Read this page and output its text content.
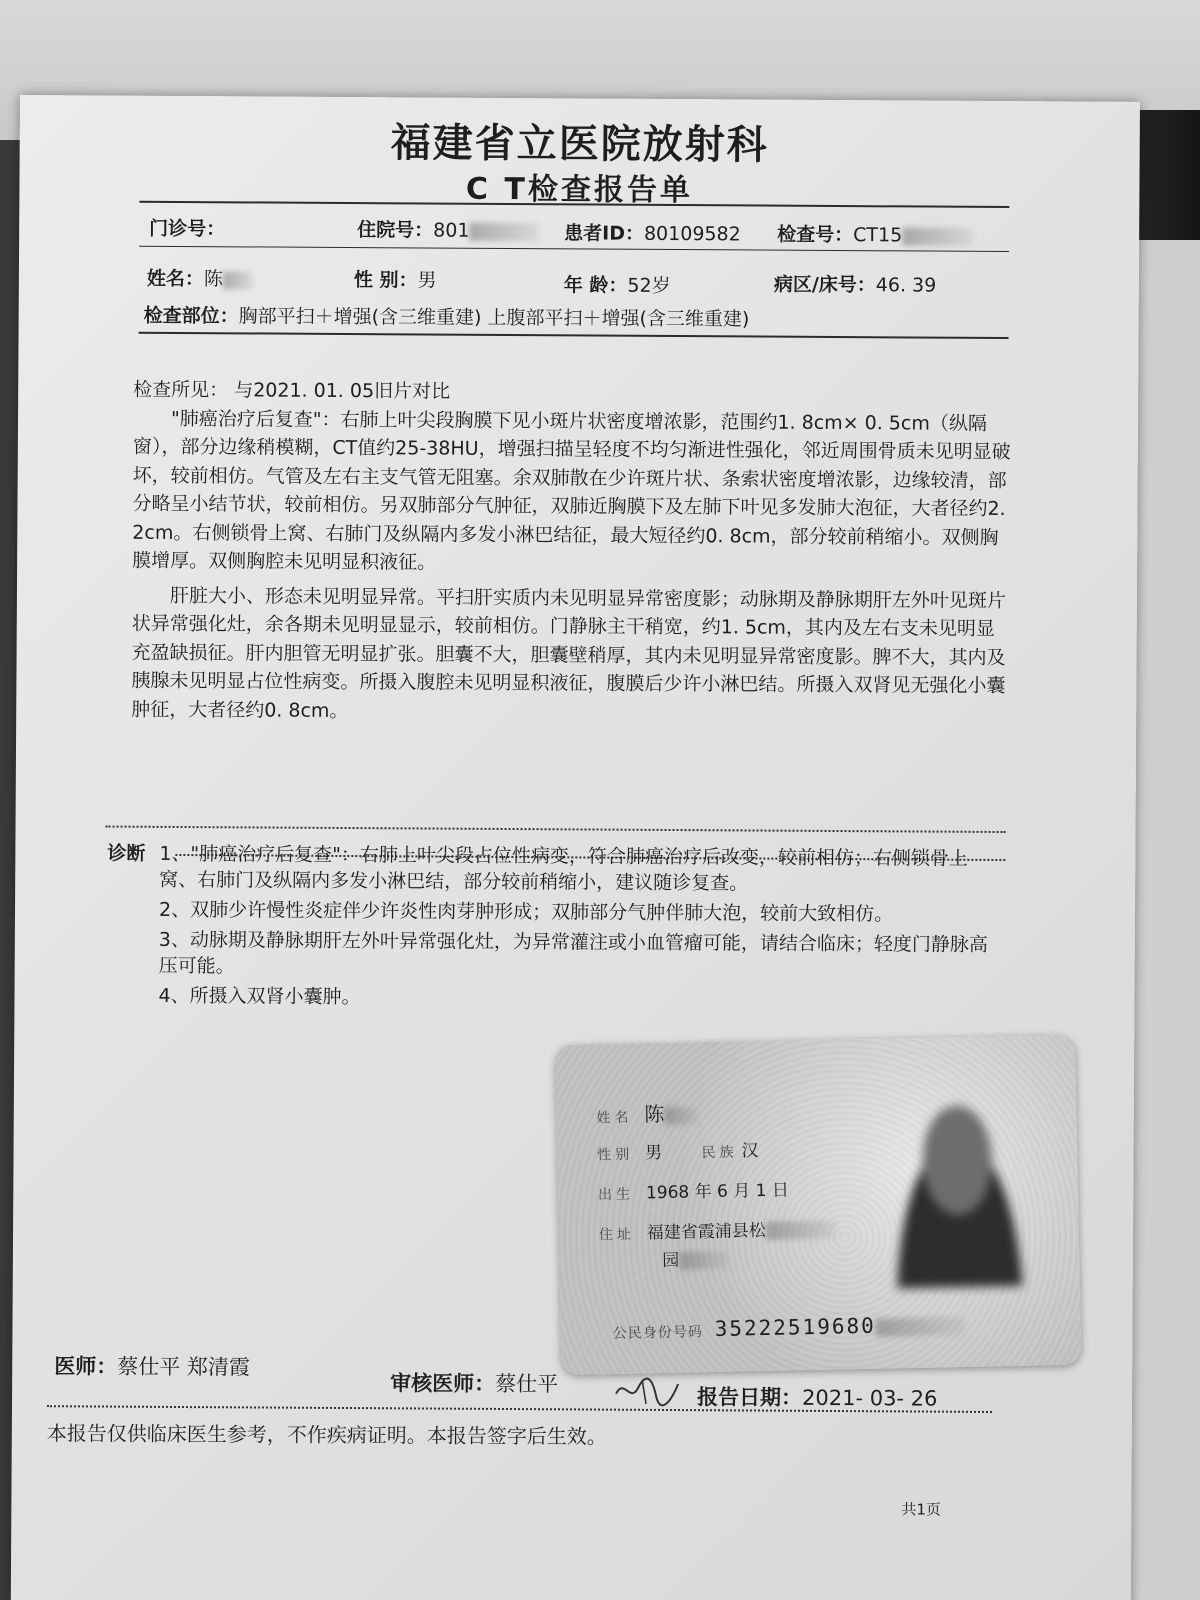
福建省立医院放射科
C T检查报告单
门诊号：	住院号：801	患者ID：80109582 检查号：CT15
姓名：陈	性 别：男	年 龄：52岁	病区/床号：46. 39
检查部位：胸部平扫＋增强(含三维重建) 上腹部平扫＋增强(含三维重建)

检查所见： 与2021. 01. 05旧片对比

"肺癌治疗后复查"：右肺上叶尖段胸膜下见小斑片状密度增浓影，范围约1. 8cm× 0. 5cm（纵隔窗），部分边缘稍模糊，CT值约25-38HU，增强扫描呈轻度不均匀渐进性强化，邻近周围骨质未见明显破坏，较前相仿。气管及左右主支气管无阻塞。余双肺散在少许斑片状、条索状密度增浓影，边缘较清，部分略呈小结节状，较前相仿。另双肺部分气肿征，双肺近胸膜下及左肺下叶见多发肺大泡征，大者径约2. 2cm。右侧锁骨上窝、右肺门及纵隔内多发小淋巴结征，最大短径约0. 8cm，部分较前稍缩小。双侧胸膜增厚。双侧胸腔未见明显积液征。

肝脏大小、形态未见明显异常。平扫肝实质内未见明显异常密度影；动脉期及静脉期肝左外叶见斑片状异常强化灶，余各期未见明显显示，较前相仿。门静脉主干稍宽，约1. 5cm，其内及左右支未见明显充盈缺损征。肝内胆管无明显扩张。胆囊不大，胆囊壁稍厚，其内未见明显异常密度影。脾不大，其内及胰腺未见明显占位性病变。所摄入腹腔未见明显积液征，腹膜后少许小淋巴结。所摄入双肾见无强化小囊肿征，大者径约0. 8cm。

诊断 1、"肺癌治疗后复查"：右肺上叶尖段占位性病变，符合肺癌治疗后改变，较前相仿；右侧锁骨上窝、右肺门及纵隔内多发小淋巴结，部分较前稍缩小，建议随诊复查。
2、双肺少许慢性炎症伴少许炎性肉芽肿形成；双肺部分气肿伴肺大泡，较前大致相仿。
3、动脉期及静脉期肝左外叶异常强化灶，为异常灌注或小血管瘤可能，请结合临床；轻度门静脉高压可能。
4、所摄入双肾小囊肿。
姓名 陈
性别 男	民族 汉
出生 1968 年 6 月 1 日
住址 福建省霞浦县松
园
公民身份号码 35222519680
医师：蔡仕平 郑清霞
审核医师：蔡仕平
报告日期：2021- 03- 26
本报告仅供临床医生参考，不作疾病证明。本报告签字后生效。
共1页
